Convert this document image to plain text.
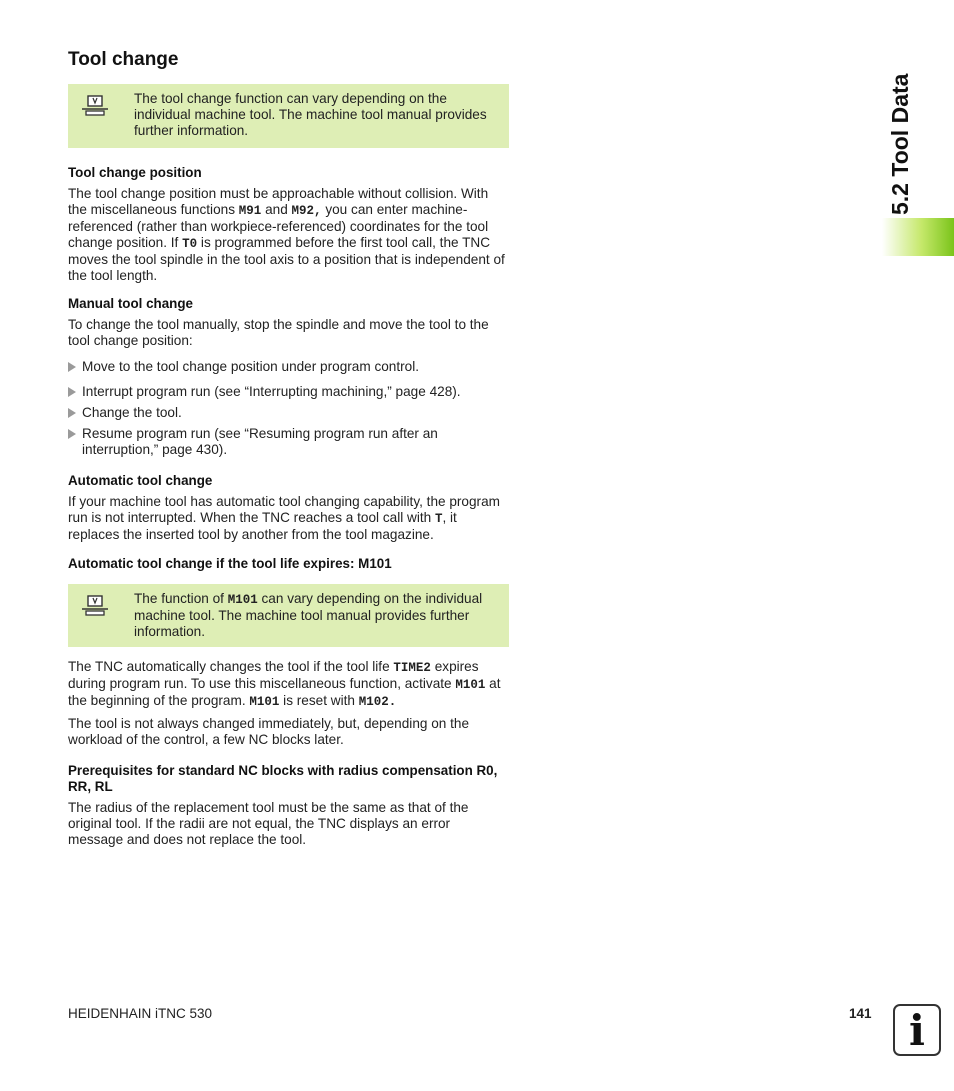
5.2 Tool Data
Tool change

The tool change function can vary depending on the individual machine tool. The machine tool manual provides further information.

Tool change position

The tool change position must be approachable without collision. With the miscellaneous functions M91 and M92, you can enter machine-referenced (rather than workpiece-referenced) coordinates for the tool change position. If T0 is programmed before the first tool call, the TNC moves the tool spindle in the tool axis to a position that is independent of the tool length.

Manual tool change

To change the tool manually, stop the spindle and move the tool to the tool change position:

Move to the tool change position under program control.
Interrupt program run (see “Interrupting machining,” page 428).
Change the tool.
Resume program run (see “Resuming program run after an interruption,” page 430).
Automatic tool change

If your machine tool has automatic tool changing capability, the program run is not interrupted. When the TNC reaches a tool call with T, it replaces the inserted tool by another from the tool magazine.

Automatic tool change if the tool life expires: M101

The function of M101 can vary depending on the individual machine tool. The machine tool manual provides further information.

The TNC automatically changes the tool if the tool life TIME2 expires during program run. To use this miscellaneous function, activate M101 at the beginning of the program. M101 is reset with M102.

The tool is not always changed immediately, but, depending on the workload of the control, a few NC blocks later.

Prerequisites for standard NC blocks with radius compensation R0, RR, RL

The radius of the replacement tool must be the same as that of the original tool. If the radii are not equal, the TNC displays an error message and does not replace the tool.

HEIDENHAIN iTNC 530	141 i
